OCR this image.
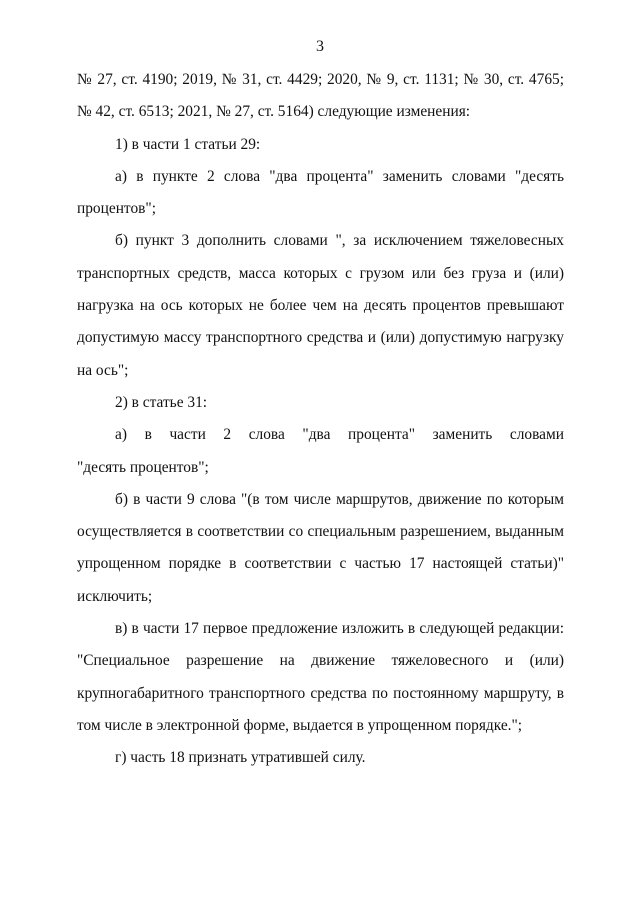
3
№ 27, ст. 4190; 2019, № 31, ст. 4429; 2020, № 9, ст. 1131; № 30, ст. 4765;
№ 42, ст. 6513; 2021, № 27, ст. 5164) следующие изменения:
1) в части 1 статьи 29:
а) в пункте 2 слова "два процента" заменить словами "десять
процентов";
б) пункт 3 дополнить словами ", за исключением тяжеловесных
транспортных средств, масса которых с грузом или без груза и (или)
нагрузка на ось которых не более чем на десять процентов превышают
допустимую массу транспортного средства и (или) допустимую нагрузку
на ось";
2) в статье 31:
а) в части 2 слова "два процента" заменить словами
"десять процентов";
б) в части 9 слова "(в том числе маршрутов, движение по которым
осуществляется в соответствии со специальным разрешением, выданным
упрощенном порядке в соответствии с частью 17 настоящей статьи)"
исключить;
в) в части 17 первое предложение изложить в следующей редакции:
"Специальное разрешение на движение тяжеловесного и (или)
крупногабаритного транспортного средства по постоянному маршруту, в
том числе в электронной форме, выдается в упрощенном порядке.";
г) часть 18 признать утратившей силу.
